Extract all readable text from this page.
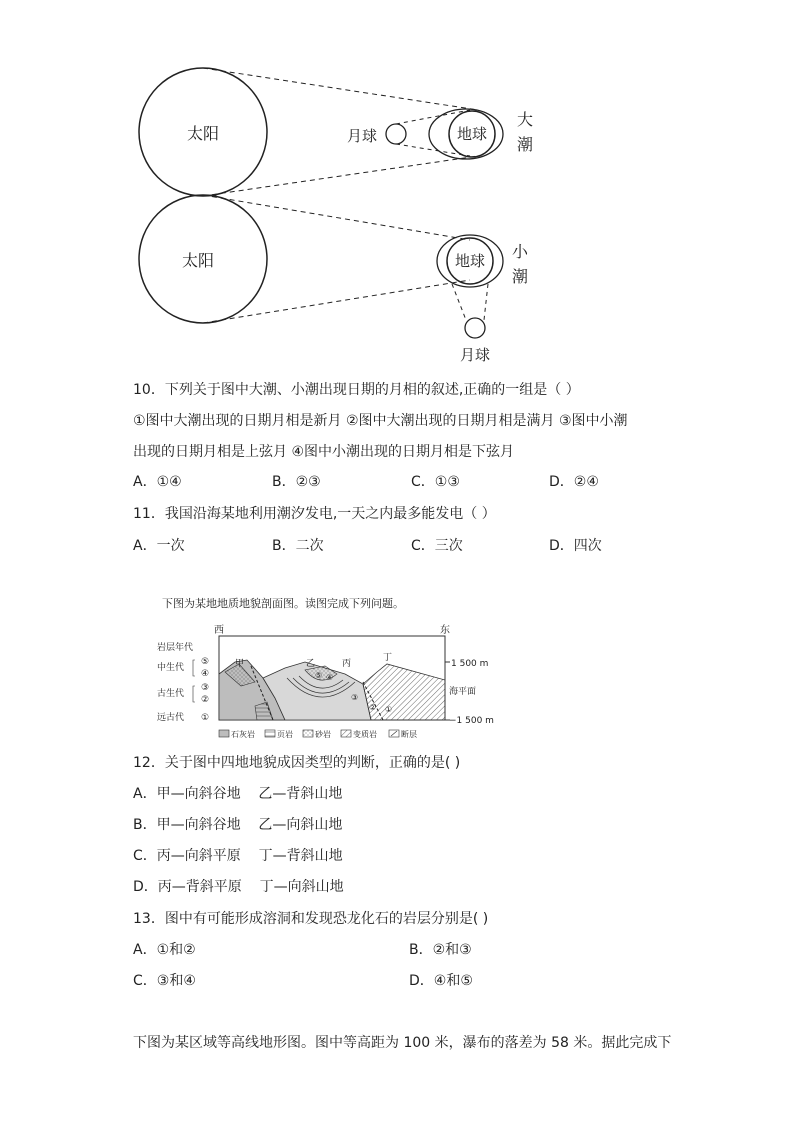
太阳	月球	地球
大
潮
太阳	地球 小
潮
月球
10．下列关于图中大潮、小潮出现日期的月相的叙述,正确的一组是（ ）
①图中大潮出现的日期月相是新月 ②图中大潮出现的日期月相是满月 ③图中小潮
出现的日期月相是上弦月 ④图中小潮出现的日期月相是下弦月
A．①④	B．②③	C．①③	D．②④
11．我国沿海某地利用潮汐发电,一天之内最多能发电（ ）
A．一次	B．二次	C．三次	D．四次
下图为某地地质地貌剖面图。读图完成下列问题。
西	东
1 500 m
海平面
−1 500 m
岩层年代
中生代
古生代
远古代
⑤
④
③
②
①
甲	乙	丙
丁
⑤ ④
③
② ①
石灰岩	页岩	砂岩	变质岩	断层
12．关于图中四地地貌成因类型的判断，正确的是( )
A．甲—向斜谷地    乙—背斜山地
B．甲—向斜谷地    乙—向斜山地
C．丙—向斜平原    丁—背斜山地
D．丙—背斜平原    丁—向斜山地
13．图中有可能形成溶洞和发现恐龙化石的岩层分别是( )
A．①和②	B．②和③
C．③和④	D．④和⑤
下图为某区域等高线地形图。图中等高距为 100 米，瀑布的落差为 58 米。据此完成下
